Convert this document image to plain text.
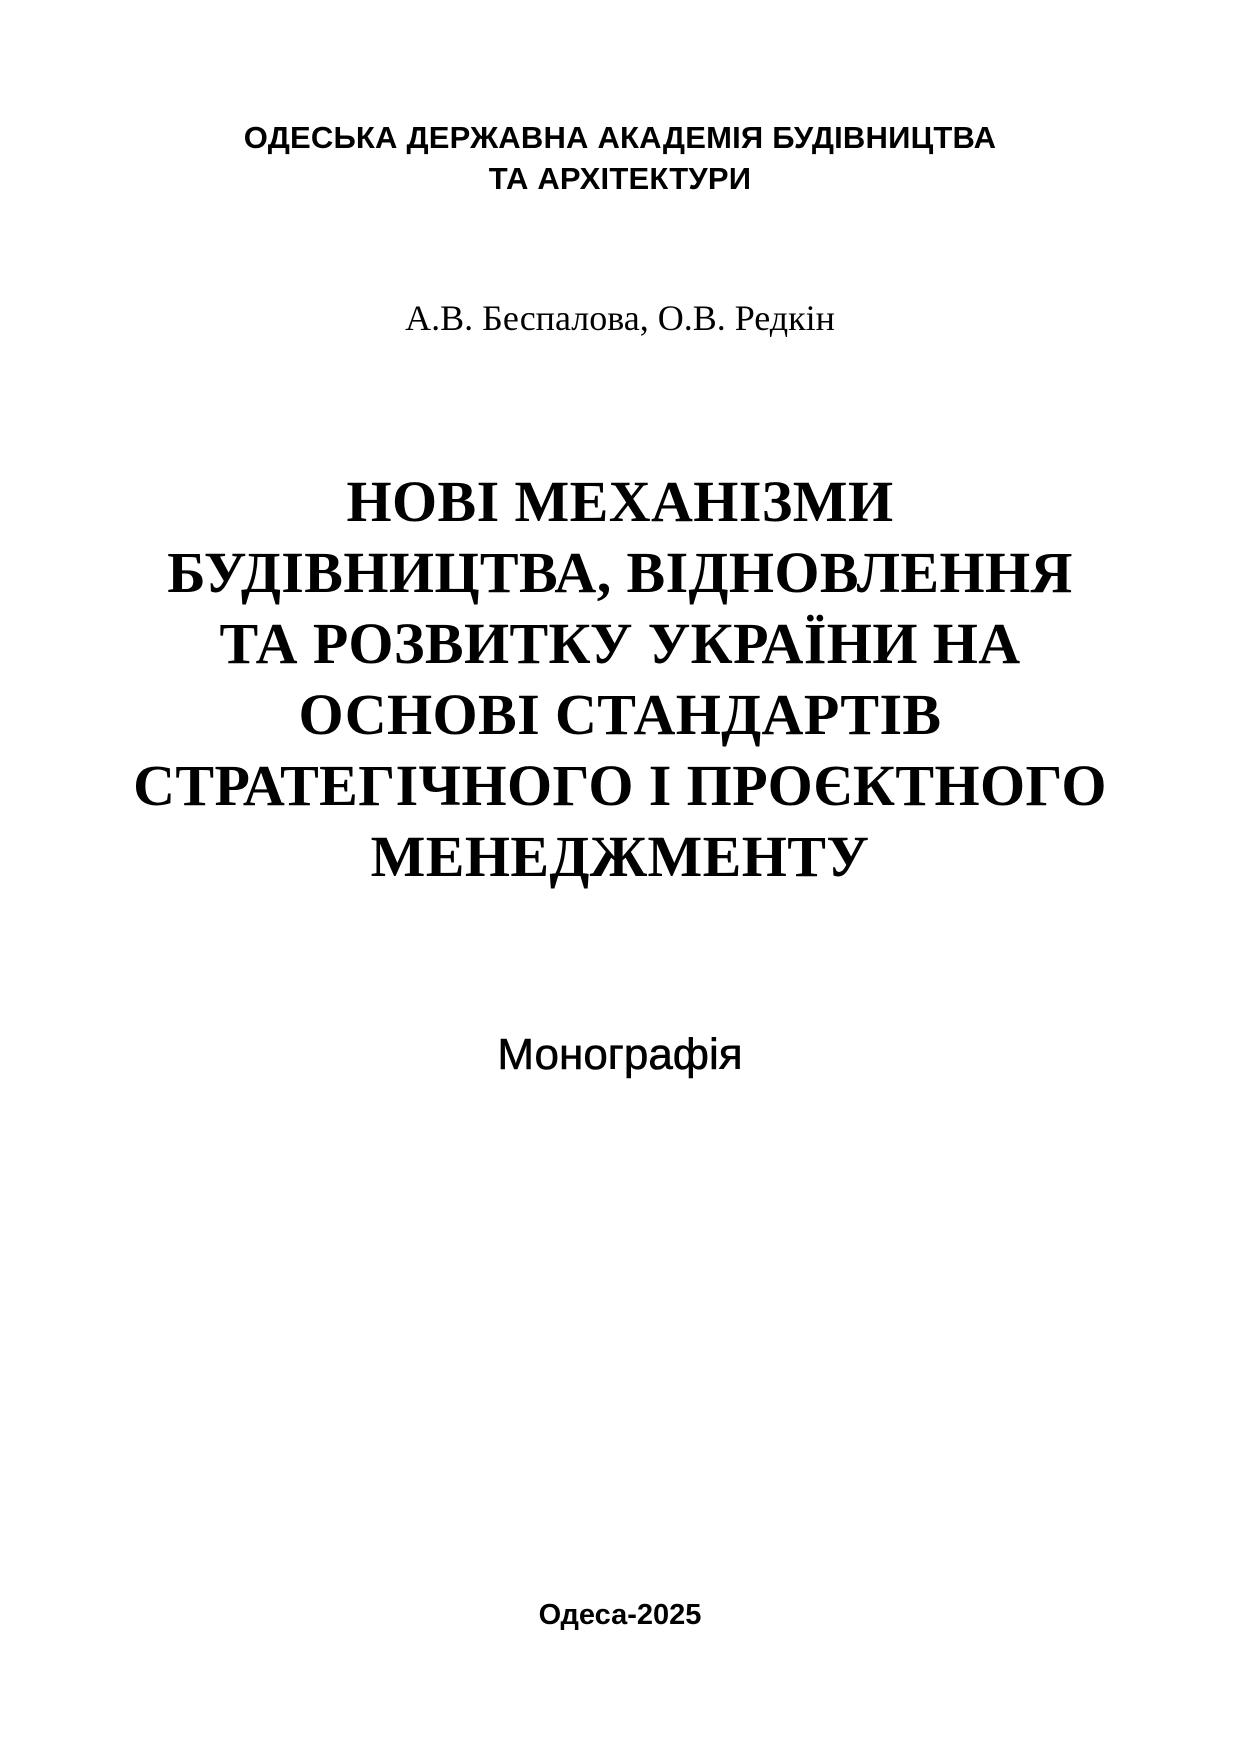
ОДЕСЬКА ДЕРЖАВНА АКАДЕМІЯ БУДІВНИЦТВА
ТА АРХІТЕКТУРИ
А.В. Беспалова, О.В. Редкін
НОВІ МЕХАНІЗМИ
БУДІВНИЦТВА, ВІДНОВЛЕННЯ
ТА РОЗВИТКУ УКРАЇНИ НА
ОСНОВІ СТАНДАРТІВ
СТРАТЕГІЧНОГО І ПРОЄКТНОГО
МЕНЕДЖМЕНТУ
Монографія
Одеса-2025
